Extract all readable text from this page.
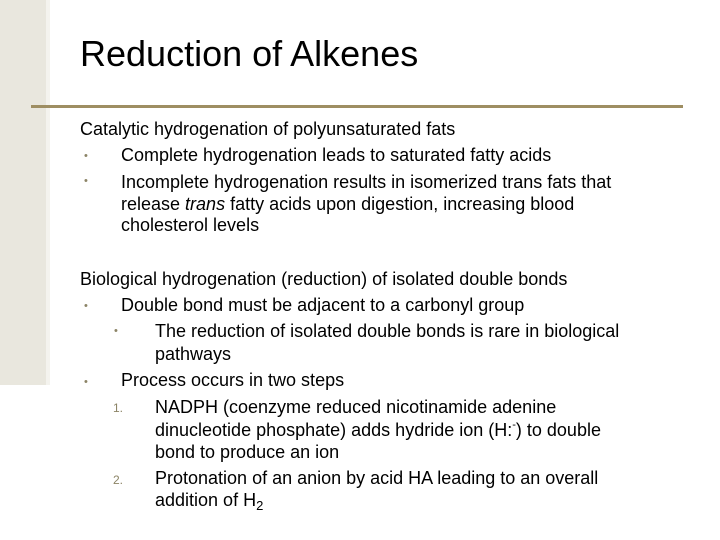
Reduction of Alkenes
Catalytic hydrogenation of polyunsaturated fats
• Complete hydrogenation leads to saturated fatty acids
• Incomplete hydrogenation results in isomerized trans fats that
release trans fatty acids upon digestion, increasing blood
cholesterol levels
Biological hydrogenation (reduction) of isolated double bonds
• Double bond must be adjacent to a carbonyl group
• The reduction of isolated double bonds is rare in biological
pathways
• Process occurs in two steps
1. NADPH (coenzyme reduced nicotinamide adenine
dinucleotide phosphate) adds hydride ion (H:-) to double
bond to produce an ion
2. Protonation of an anion by acid HA leading to an overall
addition of $H_2$
